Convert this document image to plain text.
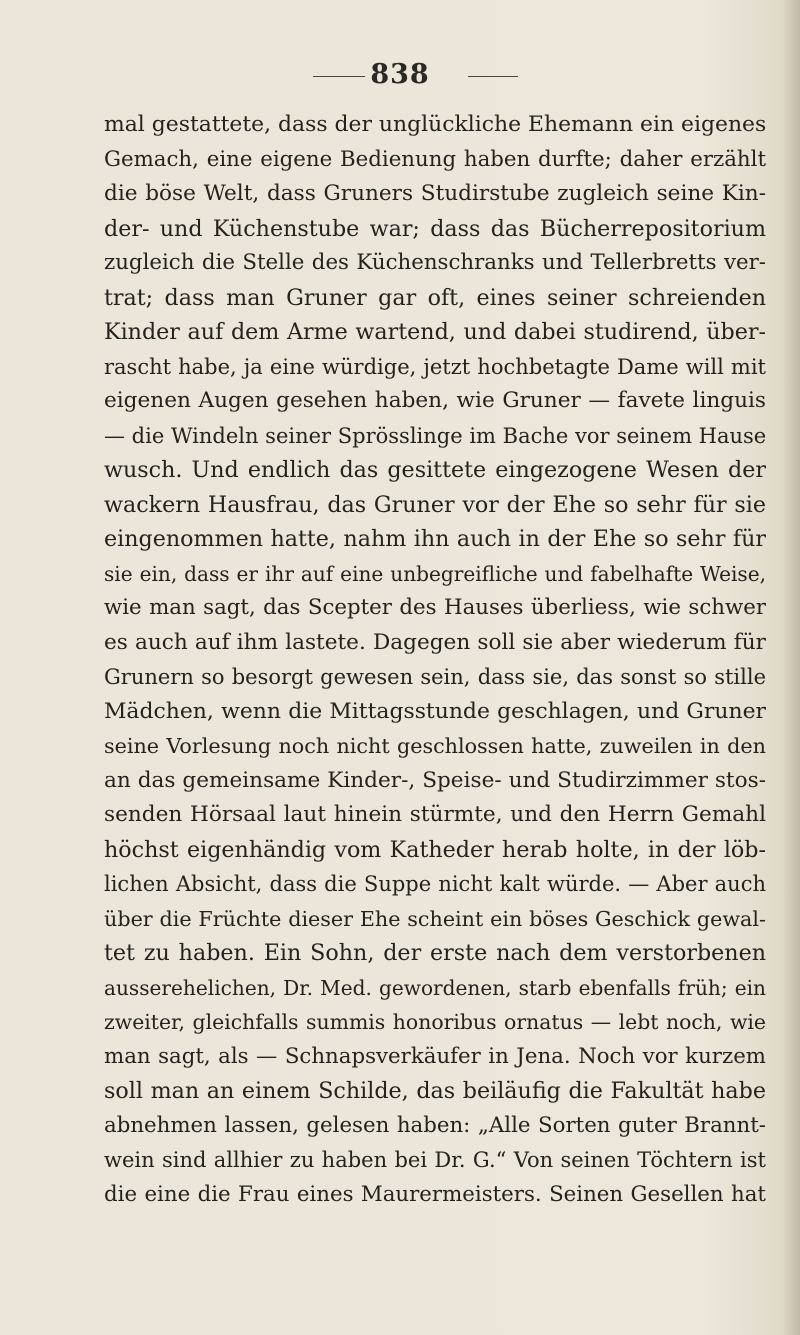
838
mal gestattete, dass der unglückliche Ehemann ein eigenes
Gemach, eine eigene Bedienung haben durfte; daher erzählt
die böse Welt, dass Gruners Studirstube zugleich seine Kin-
der- und Küchenstube war; dass das Bücherrepositorium
zugleich die Stelle des Küchenschranks und Tellerbretts ver-
trat; dass man Gruner gar oft, eines seiner schreienden
Kinder auf dem Arme wartend, und dabei studirend, über-
rascht habe, ja eine würdige, jetzt hochbetagte Dame will mit
eigenen Augen gesehen haben, wie Gruner — favete linguis
— die Windeln seiner Sprösslinge im Bache vor seinem Hause
wusch. Und endlich das gesittete eingezogene Wesen der
wackern Hausfrau, das Gruner vor der Ehe so sehr für sie
eingenommen hatte, nahm ihn auch in der Ehe so sehr für
sie ein, dass er ihr auf eine unbegreifliche und fabelhafte Weise,
wie man sagt, das Scepter des Hauses überliess, wie schwer
es auch auf ihm lastete. Dagegen soll sie aber wiederum für
Grunern so besorgt gewesen sein, dass sie, das sonst so stille
Mädchen, wenn die Mittagsstunde geschlagen, und Gruner
seine Vorlesung noch nicht geschlossen hatte, zuweilen in den
an das gemeinsame Kinder-, Speise- und Studirzimmer stos-
senden Hörsaal laut hinein stürmte, und den Herrn Gemahl
höchst eigenhändig vom Katheder herab holte, in der löb-
lichen Absicht, dass die Suppe nicht kalt würde. — Aber auch
über die Früchte dieser Ehe scheint ein böses Geschick gewal-
tet zu haben. Ein Sohn, der erste nach dem verstorbenen
ausserehelichen, Dr. Med. gewordenen, starb ebenfalls früh; ein
zweiter, gleichfalls summis honoribus ornatus — lebt noch, wie
man sagt, als — Schnapsverkäufer in Jena. Noch vor kurzem
soll man an einem Schilde, das beiläufig die Fakultät habe
abnehmen lassen, gelesen haben: „Alle Sorten guter Brannt-
wein sind allhier zu haben bei Dr. G.“ Von seinen Töchtern ist
die eine die Frau eines Maurermeisters. Seinen Gesellen hat
